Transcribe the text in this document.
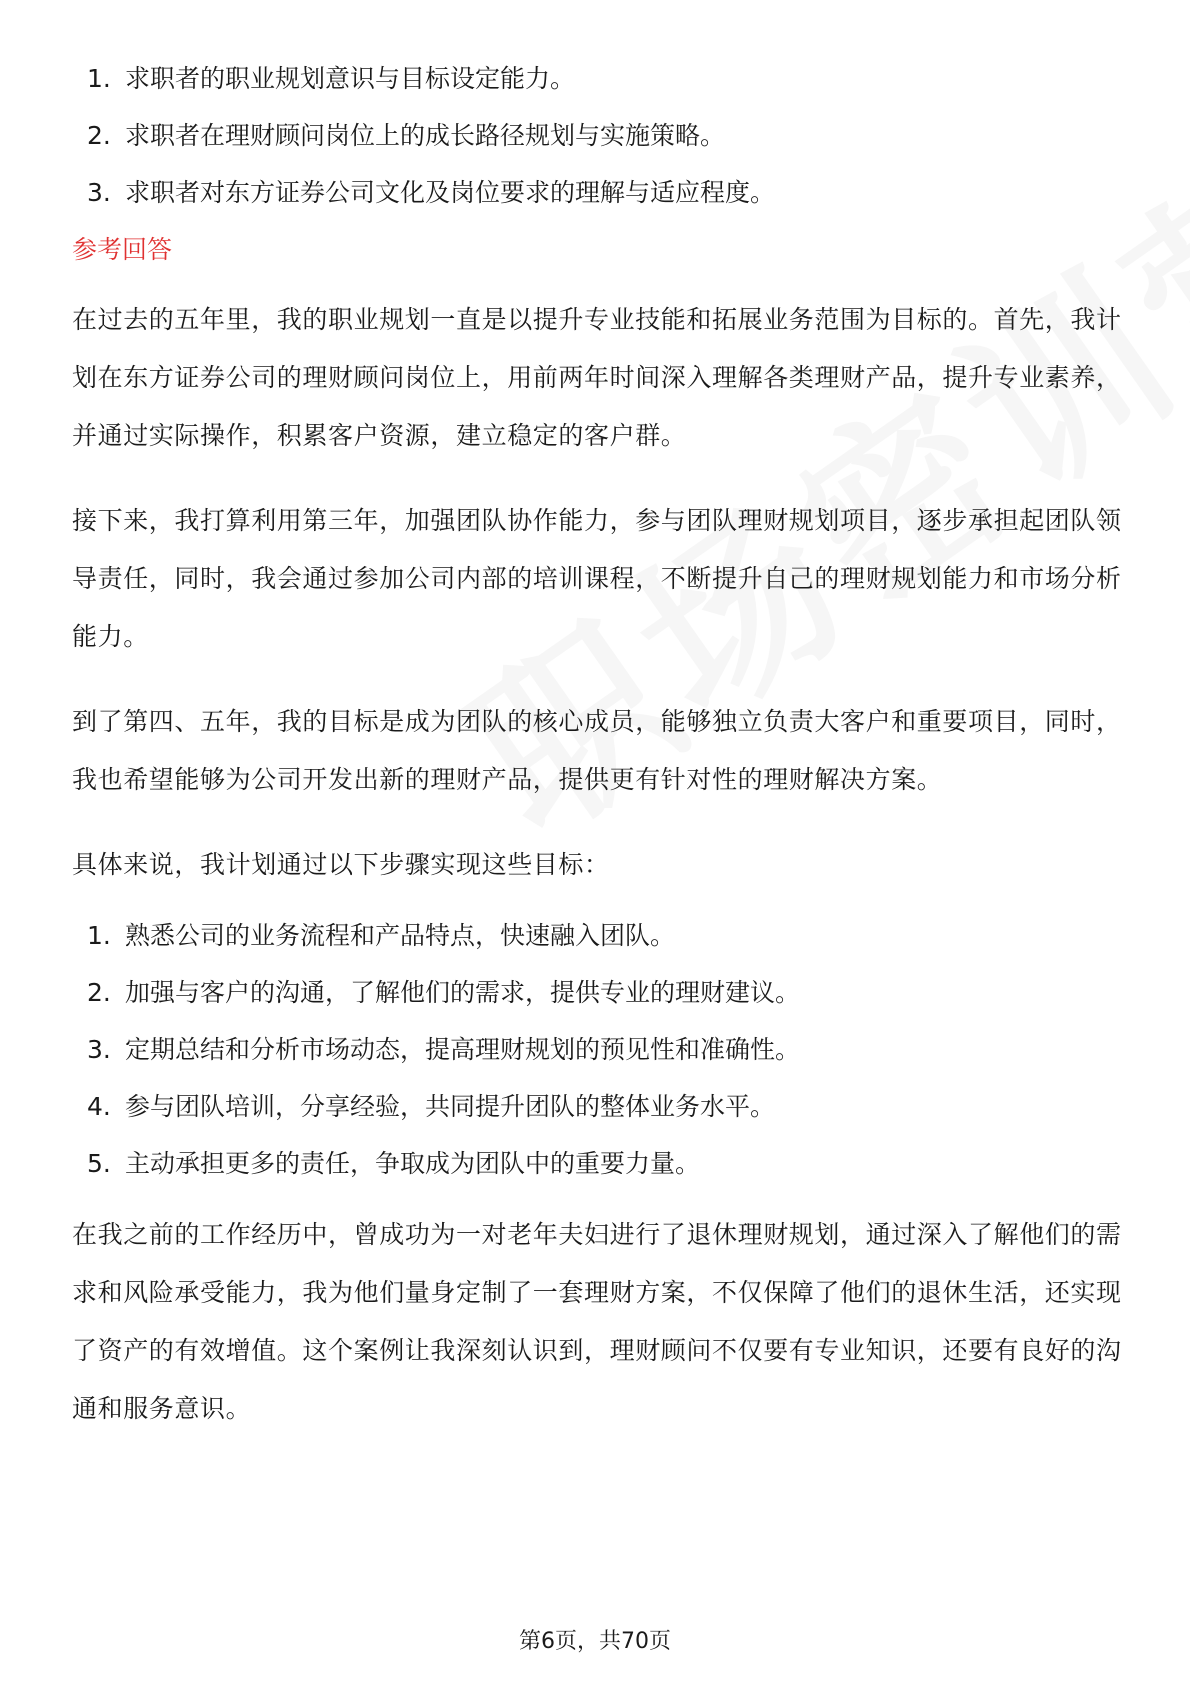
1. 求职者的职业规划意识与目标设定能力。
2. 求职者在理财顾问岗位上的成长路径规划与实施策略。
3. 求职者对东方证券公司文化及岗位要求的理解与适应程度。
参考回答

在过去的五年里，我的职业规划一直是以提升专业技能和拓展业务范围为目标的。首先，我计划在东方证券公司的理财顾问岗位上，用前两年时间深入理解各类理财产品，提升专业素养，并通过实际操作，积累客户资源，建立稳定的客户群。

接下来，我打算利用第三年，加强团队协作能力，参与团队理财规划项目，逐步承担起团队领导责任，同时，我会通过参加公司内部的培训课程，不断提升自己的理财规划能力和市场分析能力。

到了第四、五年，我的目标是成为团队的核心成员，能够独立负责大客户和重要项目，同时，我也希望能够为公司开发出新的理财产品，提供更有针对性的理财解决方案。

具体来说，我计划通过以下步骤实现这些目标：

1. 熟悉公司的业务流程和产品特点，快速融入团队。
2. 加强与客户的沟通，了解他们的需求，提供专业的理财建议。
3. 定期总结和分析市场动态，提高理财规划的预见性和准确性。
4. 参与团队培训，分享经验，共同提升团队的整体业务水平。
5. 主动承担更多的责任，争取成为团队中的重要力量。

在我之前的工作经历中，曾成功为一对老年夫妇进行了退休理财规划，通过深入了解他们的需求和风险承受能力，我为他们量身定制了一套理财方案，不仅保障了他们的退休生活，还实现了资产的有效增值。这个案例让我深刻认识到，理财顾问不仅要有专业知识，还要有良好的沟通和服务意识。

第6页，共70页
